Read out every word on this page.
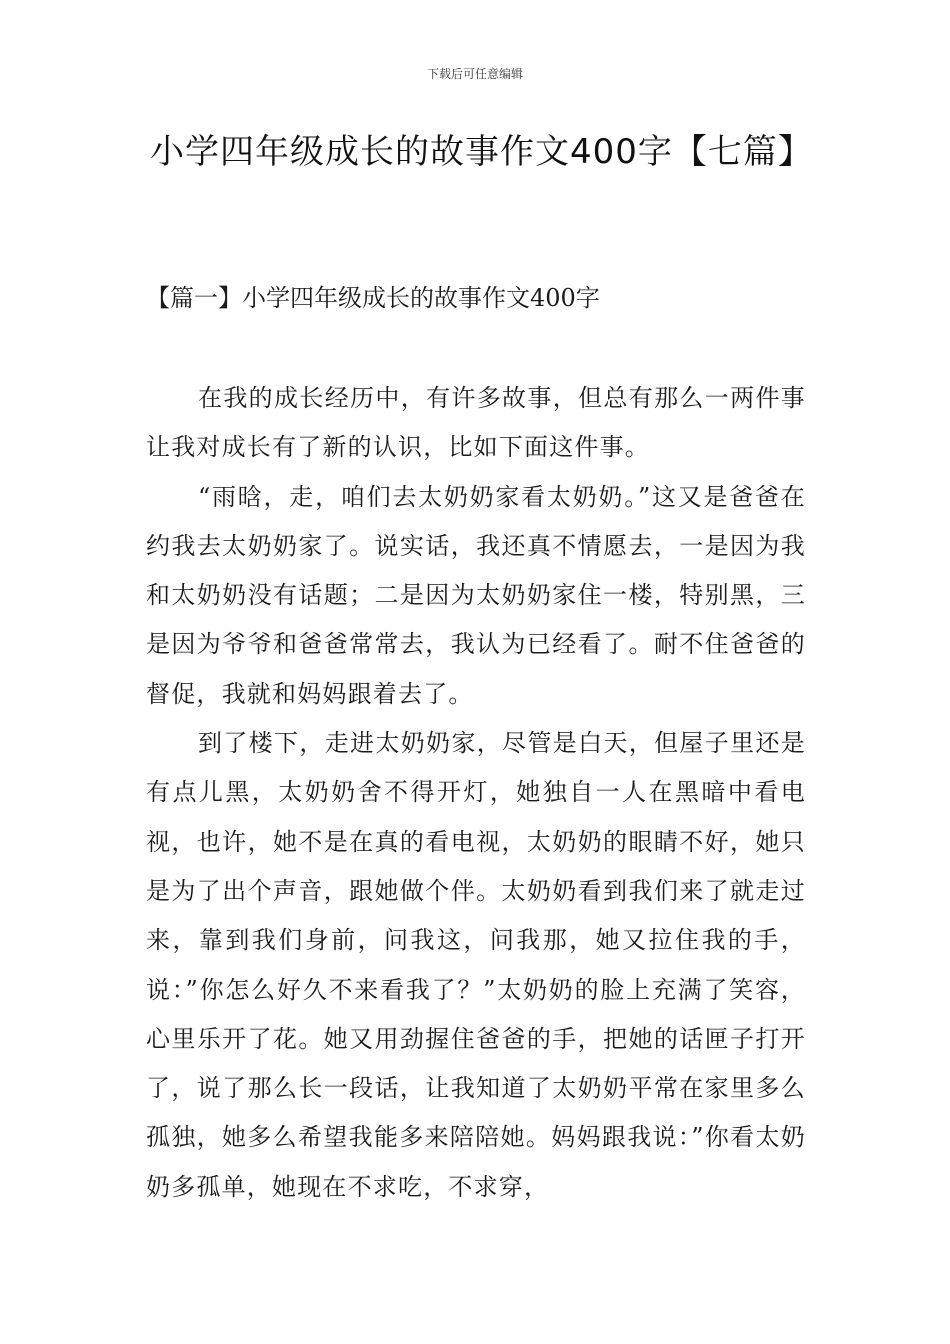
下载后可任意编辑
小学四年级成长的故事作文400字【七篇】
【篇一】小学四年级成长的故事作文400字

在我的成长经历中，有许多故事，但总有那么一两件事让我对成长有了新的认识，比如下面这件事。

“雨晗，走，咱们去太奶奶家看太奶奶。”这又是爸爸在约我去太奶奶家了。说实话，我还真不情愿去，一是因为我和太奶奶没有话题；二是因为太奶奶家住一楼，特别黑，三是因为爷爷和爸爸常常去，我认为已经看了。耐不住爸爸的督促，我就和妈妈跟着去了。

到了楼下，走进太奶奶家，尽管是白天，但屋子里还是有点儿黑，太奶奶舍不得开灯，她独自一人在黑暗中看电视，也许，她不是在真的看电视，太奶奶的眼睛不好，她只是为了出个声音，跟她做个伴。太奶奶看到我们来了就走过来，靠到我们身前，问我这，问我那，她又拉住我的手，说：”你怎么好久不来看我了？”太奶奶的脸上充满了笑容，心里乐开了花。她又用劲握住爸爸的手，把她的话匣子打开了，说了那么长一段话，让我知道了太奶奶平常在家里多么孤独，她多么希望我能多来陪陪她。妈妈跟我说：”你看太奶奶多孤单，她现在不求吃，不求穿，
